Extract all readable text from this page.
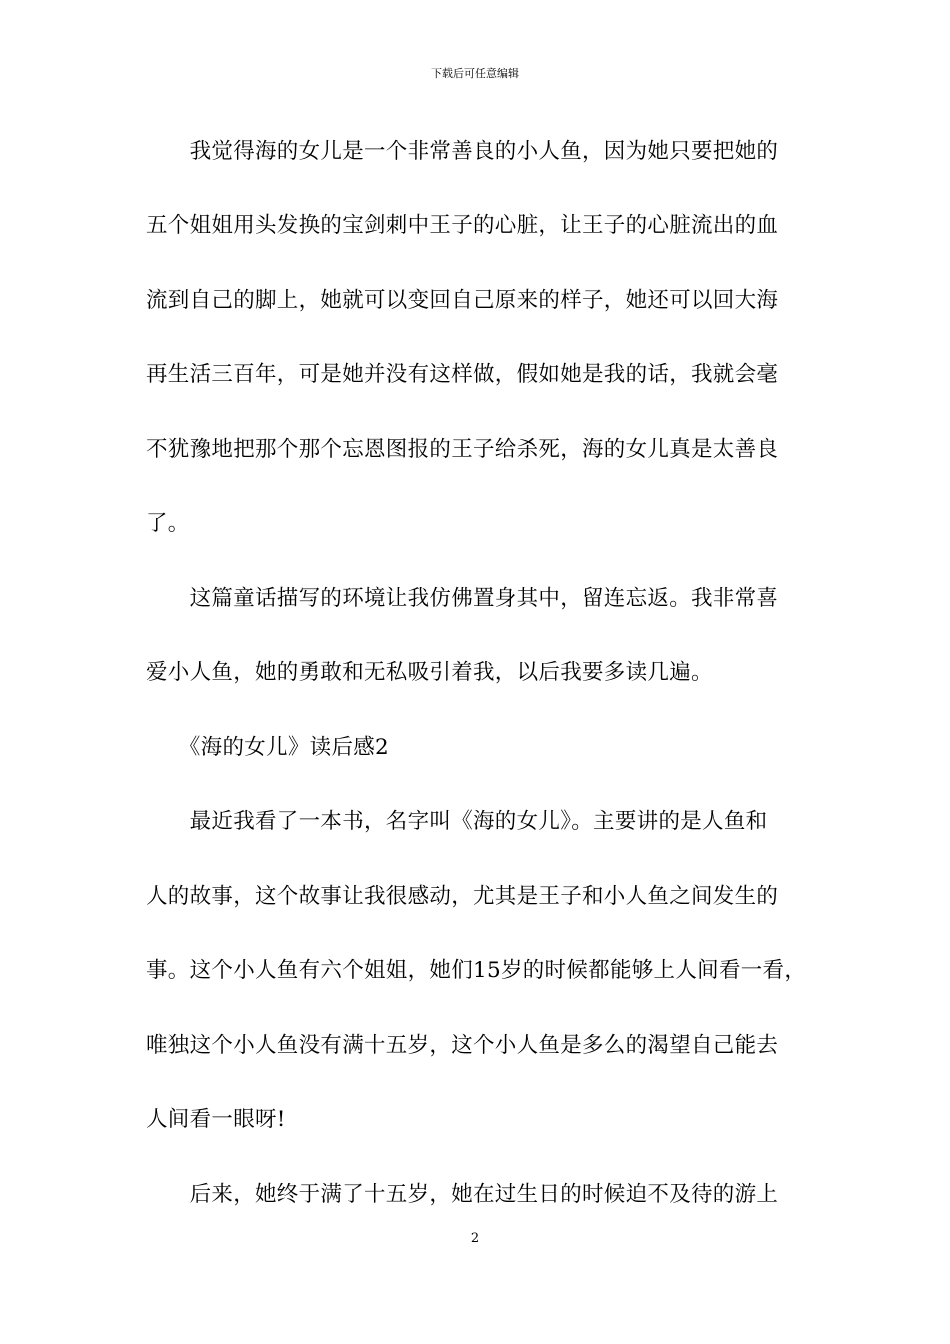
下载后可任意编辑
　　我觉得海的女儿是一个非常善良的小人鱼，因为她只要把她的
五个姐姐用头发换的宝剑刺中王子的心脏，让王子的心脏流出的血
流到自己的脚上，她就可以变回自己原来的样子，她还可以回大海
再生活三百年，可是她并没有这样做，假如她是我的话，我就会毫
不犹豫地把那个那个忘恩图报的王子给杀死，海的女儿真是太善良
了。
　　这篇童话描写的环境让我仿佛置身其中，留连忘返。我非常喜
爱小人鱼，她的勇敢和无私吸引着我，以后我要多读几遍。
　　《海的女儿》读后感2
　　最近我看了一本书，名字叫《海的女儿》。主要讲的是人鱼和
人的故事，这个故事让我很感动，尤其是王子和小人鱼之间发生的
事。这个小人鱼有六个姐姐，她们15岁的时候都能够上人间看一看，
唯独这个小人鱼没有满十五岁，这个小人鱼是多么的渴望自己能去
人间看一眼呀!
　　后来，她终于满了十五岁，她在过生日的时候迫不及待的游上
2
